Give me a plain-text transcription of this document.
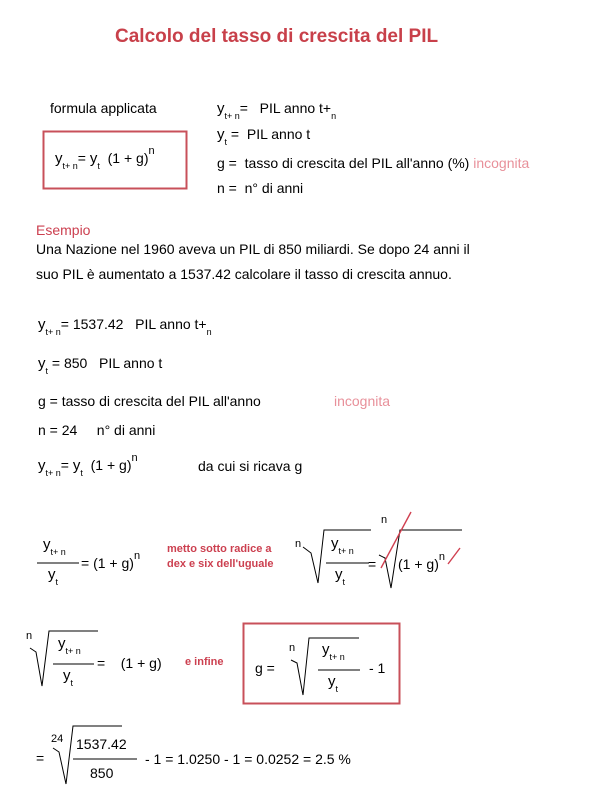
Calcolo del tasso di crescita del PIL
formula applicata
$y_{t+ n}= y_t$ $(1 + g)^n$
$y_{t+ n}=$ PIL anno $t+_n$
$y_t$ = PIL anno t
g = tasso di crescita del PIL all'anno (%) incognita
n = n° di anni
Esempio
Una Nazione nel 1960 aveva un PIL di 850 miliardi. Se dopo 24 anni il
suo PIL è aumentato a 1537.42 calcolare il tasso di crescita annuo.
$y_{t+ n}= 1537.42$ PIL anno $t+_n$
$y_t = 850$ PIL anno t
g = tasso di crescita del PIL all'anno	incognita
n = 24 n° di anni
$y_{t+ n}= y_t$ $(1 + g)^n$	da cui si ricava g
$y_{t+ n}$
$y_t$
= $(1 + g)^n$
metto sotto radice a
dex e six dell'uguale
n $y_{t+ n}$
$y_t$
=
n
$(1 + g)^n$
n $y_{t+ n}$
$y_t$
= (1 + g) e infine g =
n $y_{t+ n}$
$y_t$
- 1
=
24 1537.42
850
- 1 = 1.0250 - 1 = 0.0252 = 2.5 %
